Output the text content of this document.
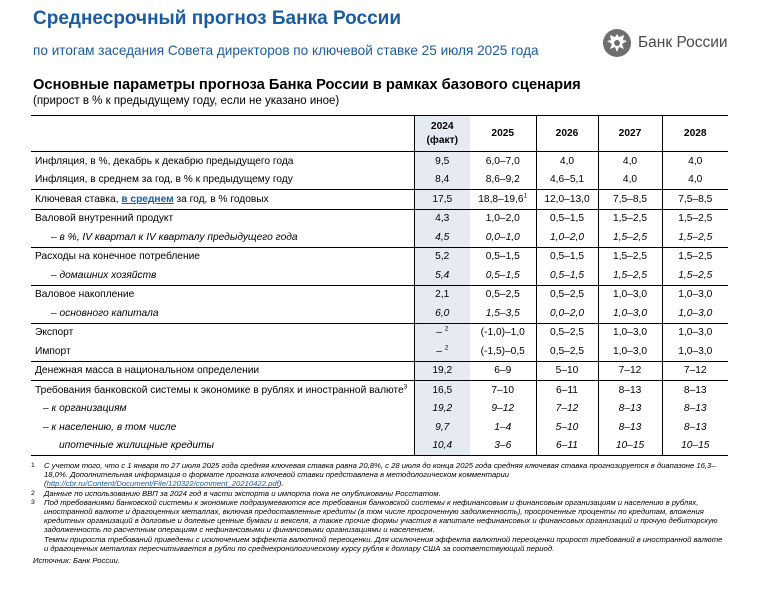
Среднесрочный прогноз Банка России
по итогам заседания Совета директоров по ключевой ставке 25 июля 2025 года	Банк России
Основные параметры прогноза Банка России в рамках базового сценария
(прирост в % к предыдущему году, если не указано иное)
	2024
(факт)	2025	2026	2027	2028
Инфляция, в %, декабрь к декабрю предыдущего года	9,5	6,0–7,0	4,0	4,0	4,0
Инфляция, в среднем за год, в % к предыдущему году	8,4	8,6–9,2	4,6–5,1	4,0	4,0
Ключевая ставка, в среднем за год, в % годовых	17,5	18,8–19,6$^1$	12,0–13,0	7,5–8,5	7,5–8,5
Валовой внутренний продукт	4,3	1,0–2,0	0,5–1,5	1,5–2,5	1,5–2,5
– в %, IV квартал к IV кварталу предыдущего года	4,5	0,0–1,0	1,0–2,0	1,5–2,5	1,5–2,5
Расходы на конечное потребление	5,2	0,5–1,5	0,5–1,5	1,5–2,5	1,5–2,5
– домашних хозяйств	5,4	0,5–1,5	0,5–1,5	1,5–2,5	1,5–2,5
Валовое накопление	2,1	0,5–2,5	0,5–2,5	1,0–3,0	1,0–3,0
– основного капитала	6,0	1,5–3,5	0,0–2,0	1,0–3,0	1,0–3,0
Экспорт	– $^2$	(-1,0)–1,0	0,5–2,5	1,0–3,0	1,0–3,0
Импорт	– $^2$	(-1,5)–0,5	0,5–2,5	1,0–3,0	1,0–3,0
Денежная масса в национальном определении	19,2	6–9	5–10	7–12	7–12
Требования банковской системы к экономике в рублях и иностранной валюте$^3$	16,5	7–10	6–11	8–13	8–13
– к организациям	19,2	9–12	7–12	8–13	8–13
– к населению, в том числе	9,7	1–4	5–10	8–13	8–13
ипотечные жилищные кредиты	10,4	3–6	6–11	10–15	10–15
1	С учетом того, что с 1 января по 27 июля 2025 года средняя ключевая ставка равна 20,8%, с 28 июля до конца 2025 года средняя ключевая ставка прогнозируется в диапазоне 16,3–18,0%. Дополнительная информация о формате прогноза ключевой ставки представлена в методологическом комментарии (http://cbr.ru/Content/Document/File/120322/comment_20210422.pdf).
2	Данные по использованию ВВП за 2024 год в части экспорта и импорта пока не опубликованы Росстатом.
3	Под требованиями банковской системы к экономике подразумеваются все требования банковской системы к нефинансовым и финансовым организациям и населению в рублях, иностранной валюте и драгоценных металлах, включая предоставленные кредиты (в том числе просроченную задолженность), просроченные проценты по кредитам, вложения кредитных организаций в долговые и долевые ценные бумаги и векселя, а также прочие формы участия в капитале нефинансовых и финансовых организаций и прочую дебиторскую задолженность по расчетным операциям с нефинансовыми и финансовыми организациями и населением.
Темпы прироста требований приведены с исключением эффекта валютной переоценки. Для исключения эффекта валютной переоценки прирост требований в иностранной валюте и драгоценных металлах пересчитывается в рубли по среднехронологическому курсу рубля к доллару США за соответствующий период.
Источник: Банк России.
